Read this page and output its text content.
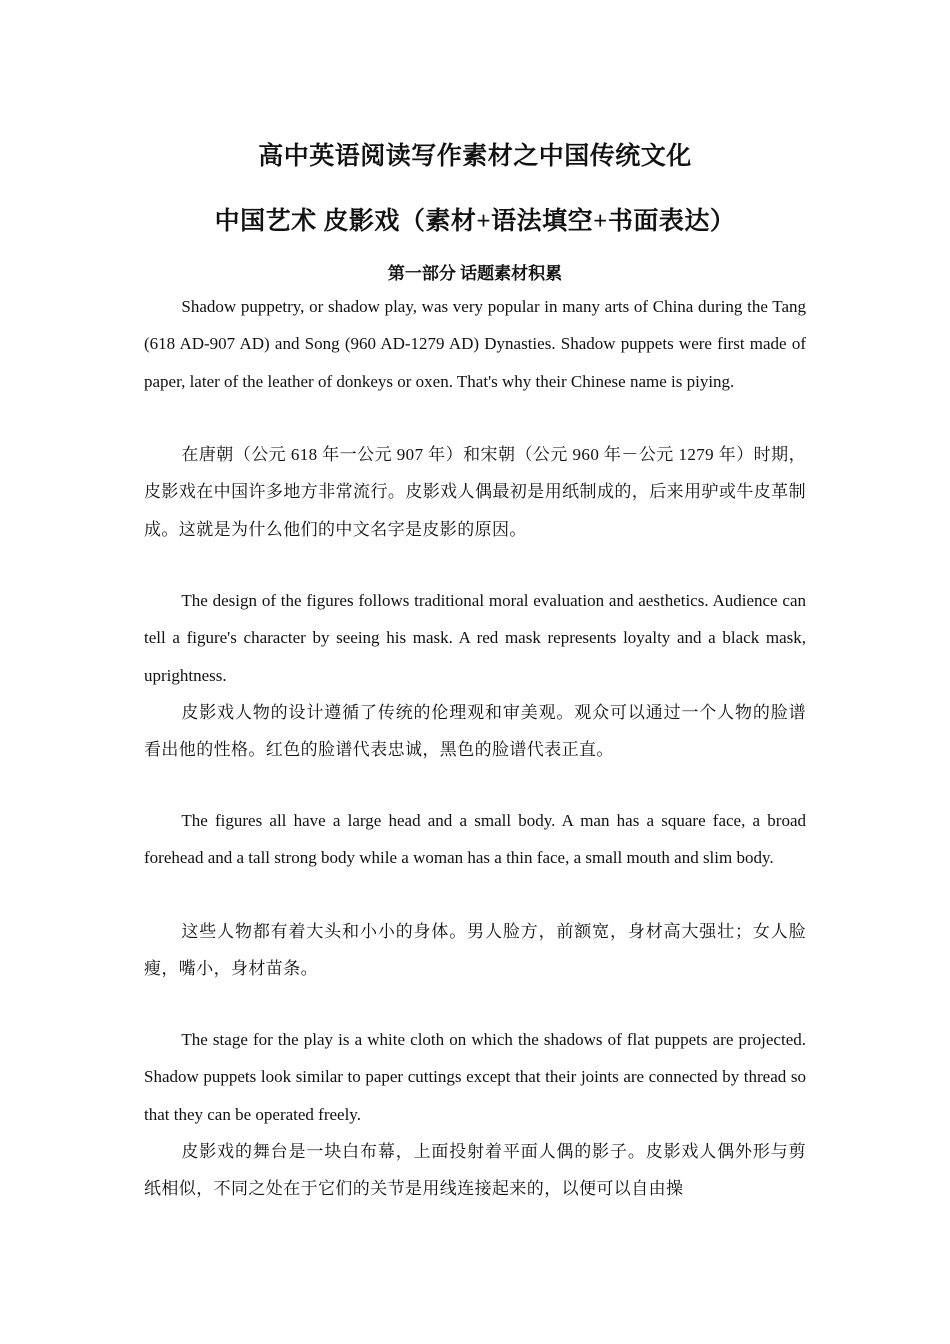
高中英语阅读写作素材之中国传统文化
中国艺术 皮影戏（素材+语法填空+书面表达）
第一部分 话题素材积累

Shadow puppetry, or shadow play, was very popular in many arts of China during the Tang (618 AD-907 AD) and Song (960 AD-1279 AD) Dynasties. Shadow puppets were first made of paper, later of the leather of donkeys or oxen. That's why their Chinese name is piying.

在唐朝（公元 618 年一公元 907 年）和宋朝（公元 960 年－公元 1279 年）时期，皮影戏在中国许多地方非常流行。皮影戏人偶最初是用纸制成的，后来用驴或牛皮革制成。这就是为什么他们的中文名字是皮影的原因。

The design of the figures follows traditional moral evaluation and aesthetics. Audience can tell a figure's character by seeing his mask. A red mask represents loyalty and a black mask, uprightness.

皮影戏人物的设计遵循了传统的伦理观和审美观。观众可以通过一个人物的脸谱看出他的性格。红色的脸谱代表忠诚，黑色的脸谱代表正直。

The figures all have a large head and a small body. A man has a square face, a broad forehead and a tall strong body while a woman has a thin face, a small mouth and slim body.

这些人物都有着大头和小小的身体。男人脸方，前额宽，身材高大强壮；女人脸瘦，嘴小，身材苗条。

The stage for the play is a white cloth on which the shadows of flat puppets are projected. Shadow puppets look similar to paper cuttings except that their joints are connected by thread so that they can be operated freely.

皮影戏的舞台是一块白布幕，上面投射着平面人偶的影子。皮影戏人偶外形与剪纸相似，不同之处在于它们的关节是用线连接起来的，以便可以自由操
